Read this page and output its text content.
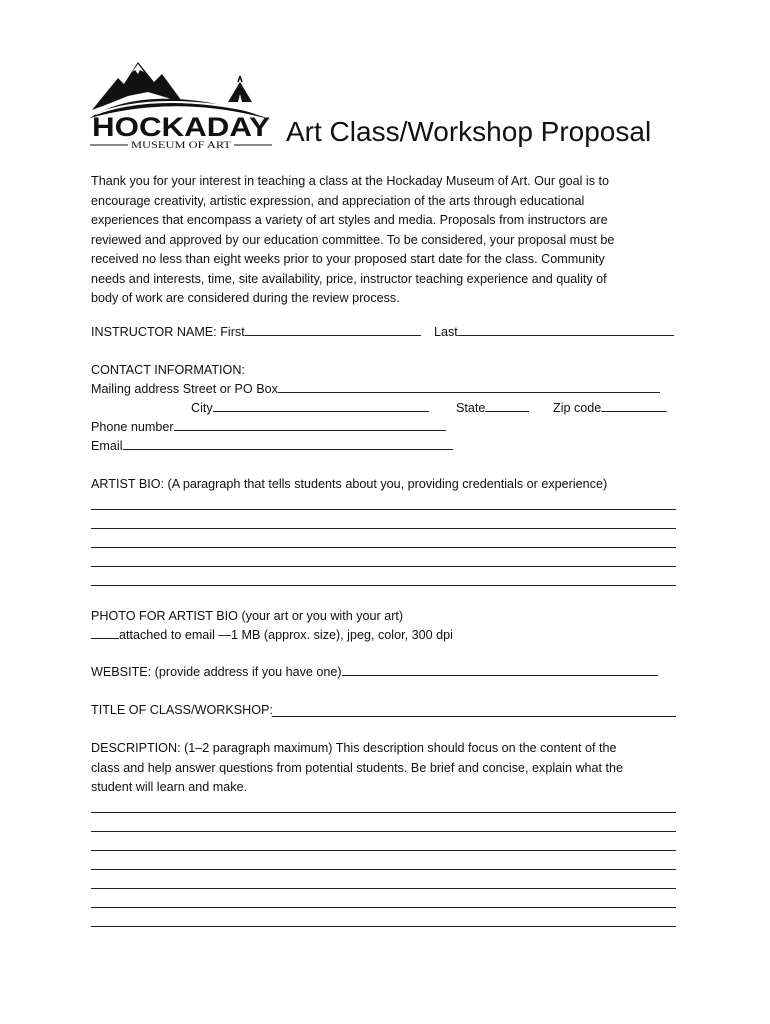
HOCKADAY
MUSEUM OF ART Art Class/Workshop Proposal

Thank you for your interest in teaching a class at the Hockaday Museum of Art. Our goal is to

encourage creativity, artistic expression, and appreciation of the arts through educational

experiences that encompass a variety of art styles and media. Proposals from instructors are

reviewed and approved by our education committee. To be considered, your proposal must be

received no less than eight weeks prior to your proposed start date for the class. Community

needs and interests, time, site availability, price, instructor teaching experience and quality of

body of work are considered during the review process.

INSTRUCTOR NAME: First	Last
CONTACT INFORMATION:
Mailing address Street or PO Box
City	State	Zip code
Phone number
Email
ARTIST BIO: (A paragraph that tells students about you, providing credentials or experience)
PHOTO FOR ARTIST BIO (your art or you with your art)
attached to email —1 MB (approx. size), jpeg, color, 300 dpi
WEBSITE: (provide address if you have one)
TITLE OF CLASS/WORKSHOP:
DESCRIPTION: (1–2 paragraph maximum) This description should focus on the content of the
class and help answer questions from potential students. Be brief and concise, explain what the
student will learn and make.
